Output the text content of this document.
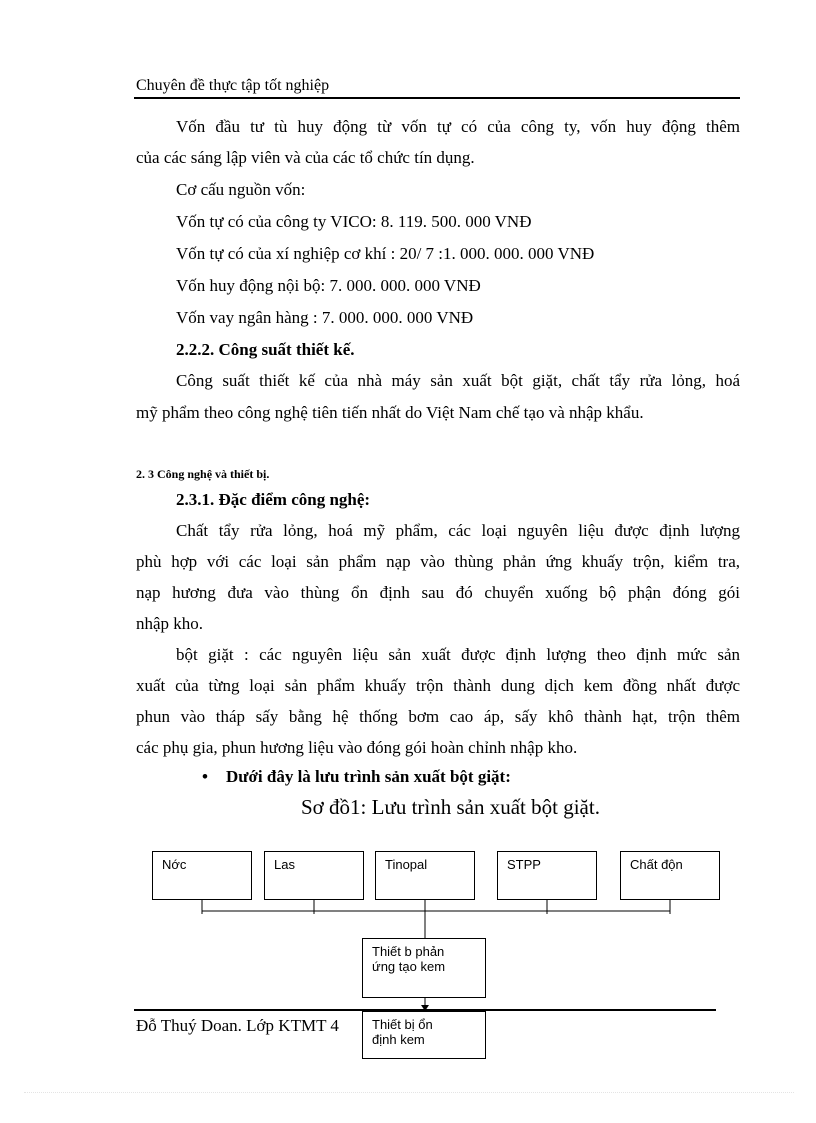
Chuyên đề thực tập tốt nghiệp
Vốn đầu tư tù huy động từ vốn tự có của công ty, vốn huy động thêm
của các sáng lập viên và của các tổ chức tín dụng.
Cơ cấu nguồn vốn:
Vốn tự có của công ty VICO: 8. 119. 500. 000 VNĐ
Vốn tự có của xí nghiệp cơ khí : 20/ 7 :1. 000. 000. 000 VNĐ
Vốn huy động nội bộ: 7. 000. 000. 000 VNĐ
Vốn vay ngân hàng : 7. 000. 000. 000 VNĐ
2.2.2. Công suất thiết kế.
Công suất thiết kế của nhà máy sản xuất bột giặt, chất tẩy rửa lỏng, hoá
mỹ phẩm theo công nghệ tiên tiến nhất do Việt Nam chế tạo và nhập khẩu.
2. 3 Công nghệ và thiết bị.
2.3.1. Đặc điểm công nghệ:
Chất tẩy rửa lỏng, hoá mỹ phẩm, các loại nguyên liệu được định lượng
phù hợp với các loại sản phẩm nạp vào thùng phản ứng khuấy trộn, kiểm tra,
nạp hương đưa vào thùng ổn định sau đó chuyển xuống bộ phận đóng gói
nhập kho.
bột giặt : các nguyên liệu sản xuất được định lượng theo định mức sản
xuất của từng loại sản phẩm khuấy trộn thành dung dịch kem đồng nhất được
phun vào tháp sấy bằng hệ thống bơm cao áp, sấy khô thành hạt, trộn thêm
các phụ gia, phun hương liệu vào đóng gói hoàn chỉnh nhập kho.
• Dưới đây là lưu trình sản xuất bột giặt:
Sơ đồ1: Lưu trình sản xuất bột giặt.
Nớc	Las	Tinopal	STPP	Chất độn
Thiết b phản ứng tạo kem
Đỗ Thuý Doan. Lớp KTMT 4	Thiết bị ổn định kem
